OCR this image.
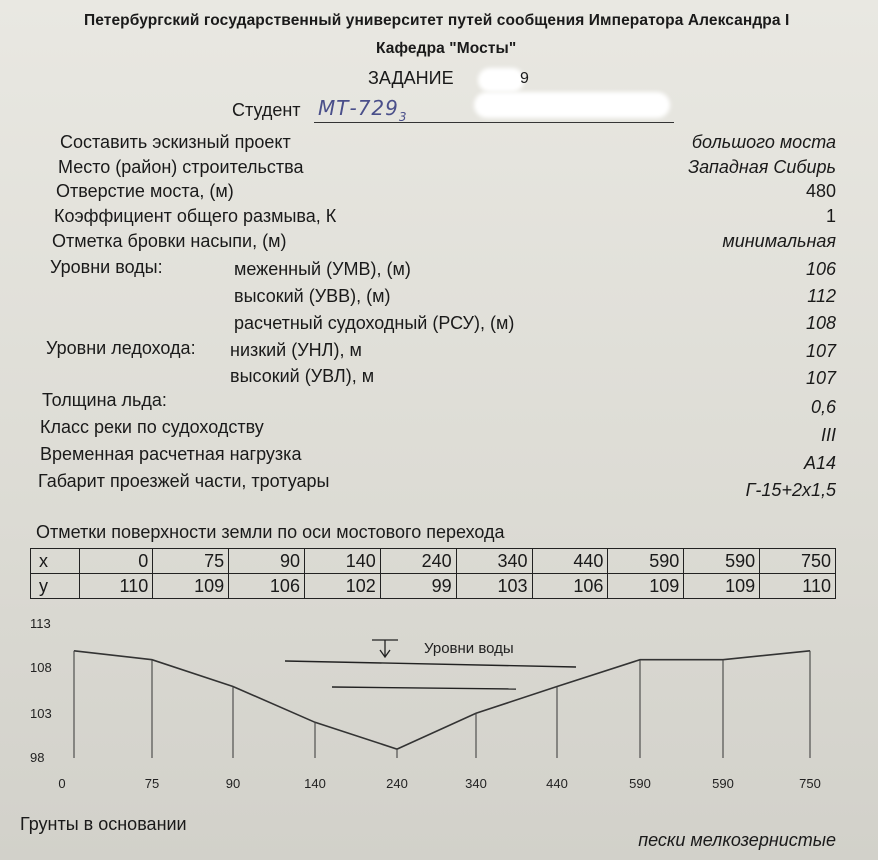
Петербургский государственный университет путей сообщения Императора Александра I
Кафедра "Мосты"
ЗАДАНИЕ	9
Студент $МТ-729_3$
Составить эскизный проект	большого моста
Место (район) строительства	Западная Сибирь
Отверстие моста, (м)	480
Коэффициент общего размыва, К	1
Отметка бровки насыпи, (м)	минимальная
Уровни воды:	меженный (УМВ), (м)	106
высокий (УВВ), (м)	112
расчетный судоходный (РСУ), (м)	108
Уровни ледохода: низкий (УНЛ), м	107
высокий (УВЛ), м	107
Толщина льда:	0,6
Класс реки по судоходству	III
Временная расчетная нагрузка	А14
Габарит проезжей части, тротуары	Г-15+2х1,5
Отметки поверхности земли по оси мостового перехода
x	0	75	90	140	240	340	440	590	590	750
y	110	109	106	102	99	103	106	109	109	110
113
108
103
98
0	75	90	140	240	340	440	590	590	750
Уровни воды
Грунты в основании
пески мелкозернистые
